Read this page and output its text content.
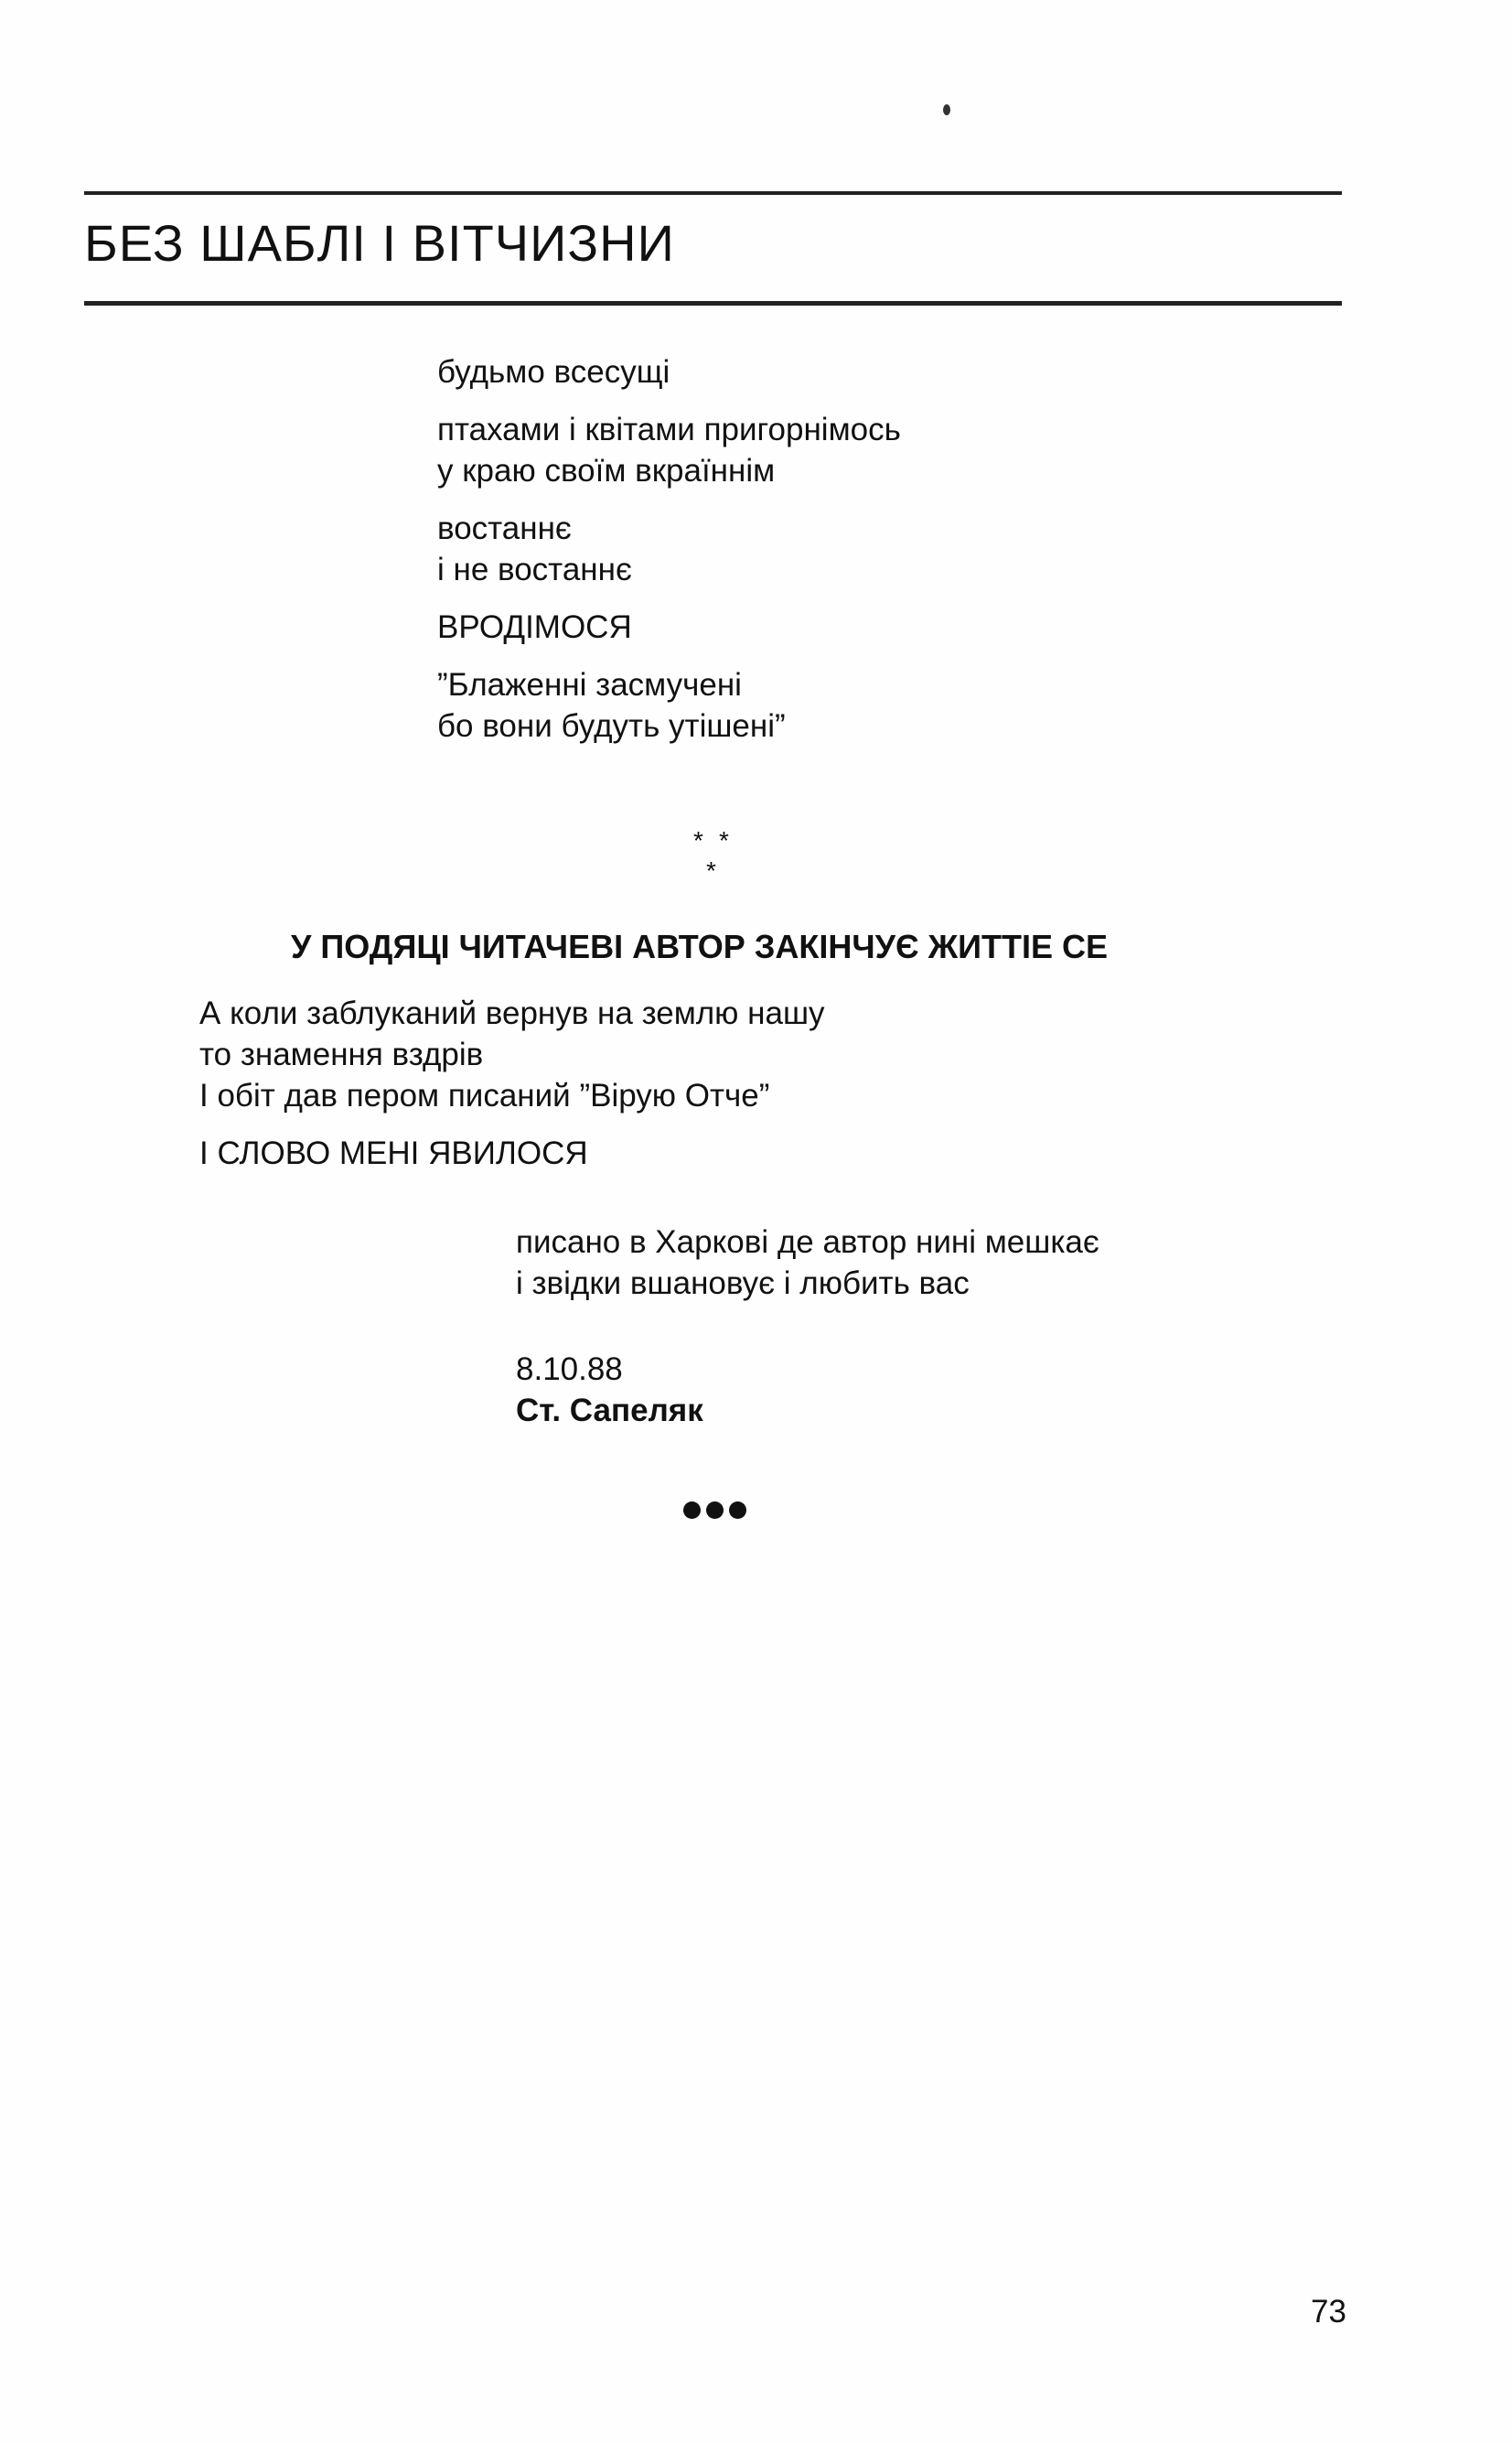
БЕЗ ШАБЛІ І ВІТЧИЗНИ
будьмо всесущі
птахами і квітами пригорнімось
у краю своїм вкраїннім
востаннє
і не востаннє
ВРОДІМОСЯ
”Блаженні засмучені
бо вони будуть утішені”
* *
*
У ПОДЯЦІ ЧИТАЧЕВІ АВТОР ЗАКІНЧУЄ ЖИТТІЕ СЕ
А коли заблуканий вернув на землю нашу
то знамення вздрів
І обіт дав пером писаний ”Вірую Отче”
І СЛОВО МЕНІ ЯВИЛОСЯ
писано в Харкові де автор нині мешкає
і звідки вшановує і любить вас
8.10.88
Ст. Сапеляк
73
